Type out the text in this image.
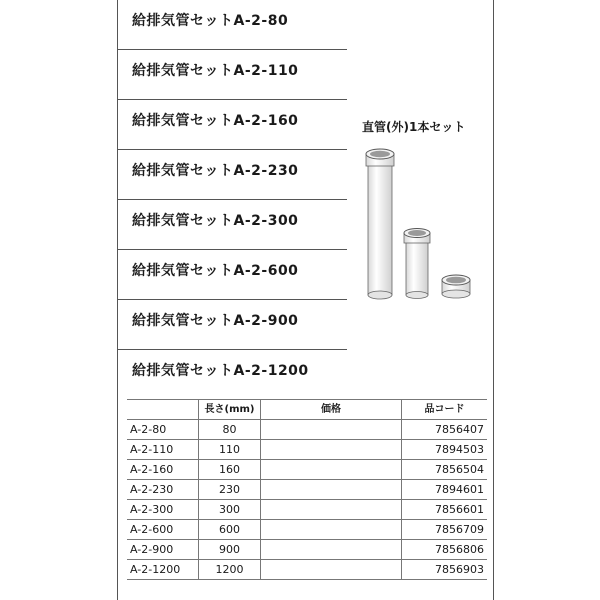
給排気管セットA-2-80
給排気管セットA-2-110
給排気管セットA-2-160
給排気管セットA-2-230
給排気管セットA-2-300
給排気管セットA-2-600
給排気管セットA-2-900
給排気管セットA-2-1200
直管(外)1本セット
	長さ(mm)	価格	品コード
A-2-80	80		7856407
A-2-110	110		7894503
A-2-160	160		7856504
A-2-230	230		7894601
A-2-300	300		7856601
A-2-600	600		7856709
A-2-900	900		7856806
A-2-1200	1200		7856903
